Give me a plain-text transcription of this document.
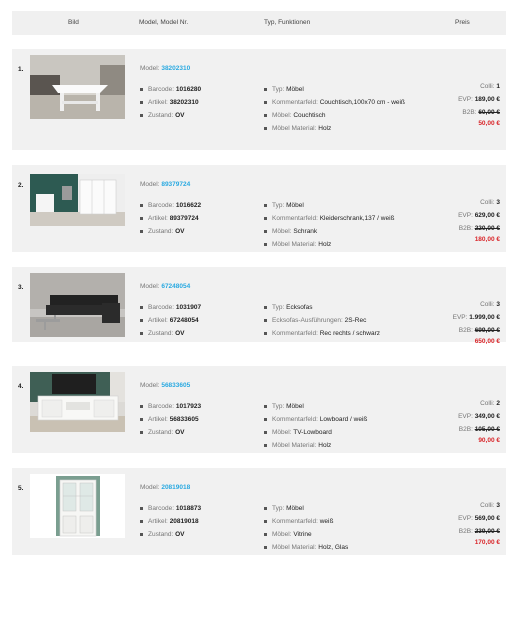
Bild	Model, Model Nr.	Typ, Funktionen	Preis
1.	Model: 38202310
Barcode: 1016280
Artikel: 38202310
Zustand: OV
Typ: Möbel
Kommentarfeld: Couchtisch,100x70 cm - weiß
Möbel: Couchtisch
Möbel Material: Holz
Colli: 1
EVP: 189,00 €
B2B: 60,00 €
50,00 €
2.	Model: 89379724
Barcode: 1016622
Artikel: 89379724
Zustand: OV
Typ: Möbel
Kommentarfeld: Kleiderschrank,137 / weiß
Möbel: Schrank
Möbel Material: Holz
Colli: 3
EVP: 629,00 €
B2B: 220,00 €
180,00 €
3.	Model: 67248054
Barcode: 1031907
Artikel: 67248054
Zustand: OV
Typ: Ecksofas
Ecksofas-Ausführungen: 2S-Rec
Kommentarfeld: Rec rechts / schwarz
Colli: 3
EVP: 1.999,00 €
B2B: 699,00 €
650,00 €
4.	Model: 56833605
Barcode: 1017923
Artikel: 56833605
Zustand: OV
Typ: Möbel
Kommentarfeld: Lowboard / weiß
Möbel: TV-Lowboard
Möbel Material: Holz
Colli: 2
EVP: 349,00 €
B2B: 105,00 €
90,00 €
5.	Model: 20819018
Barcode: 1018873
Artikel: 20819018
Zustand: OV
Typ: Möbel
Kommentarfeld: weiß
Möbel: Vitrine
Möbel Material: Holz, Glas
Colli: 3
EVP: 569,00 €
B2B: 239,00 €
170,00 €
